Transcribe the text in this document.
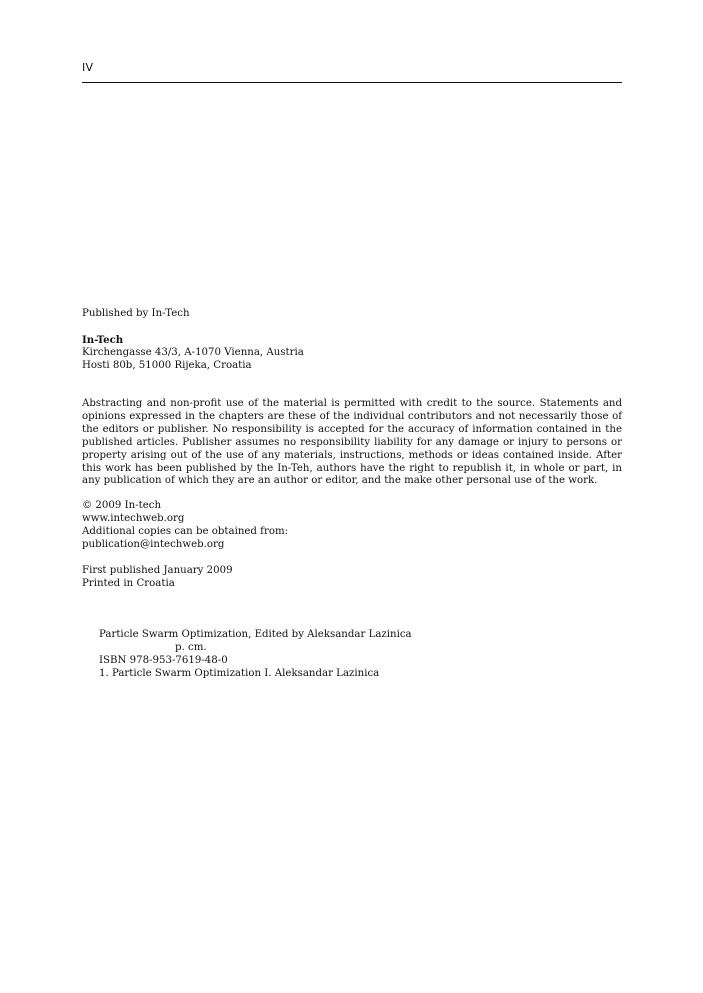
IV
Published by In-Tech
In-Tech
Kirchengasse 43/3, A-1070 Vienna, Austria
Hosti 80b, 51000 Rijeka, Croatia
Abstracting and non-profit use of the material is permitted with credit to the source. Statements and
opinions expressed in the chapters are these of the individual contributors and not necessarily those of
the editors or publisher. No responsibility is accepted for the accuracy of information contained in the
published articles. Publisher assumes no responsibility liability for any damage or injury to persons or
property arising out of the use of any materials, instructions, methods or ideas contained inside. After
this work has been published by the In-Teh, authors have the right to republish it, in whole or part, in
any publication of which they are an author or editor, and the make other personal use of the work.
© 2009 In-tech
www.intechweb.org
Additional copies can be obtained from:
publication@intechweb.org
First published January 2009
Printed in Croatia
Particle Swarm Optimization, Edited by Aleksandar Lazinica
p. cm.
ISBN 978-953-7619-48-0
1. Particle Swarm Optimization I. Aleksandar Lazinica
